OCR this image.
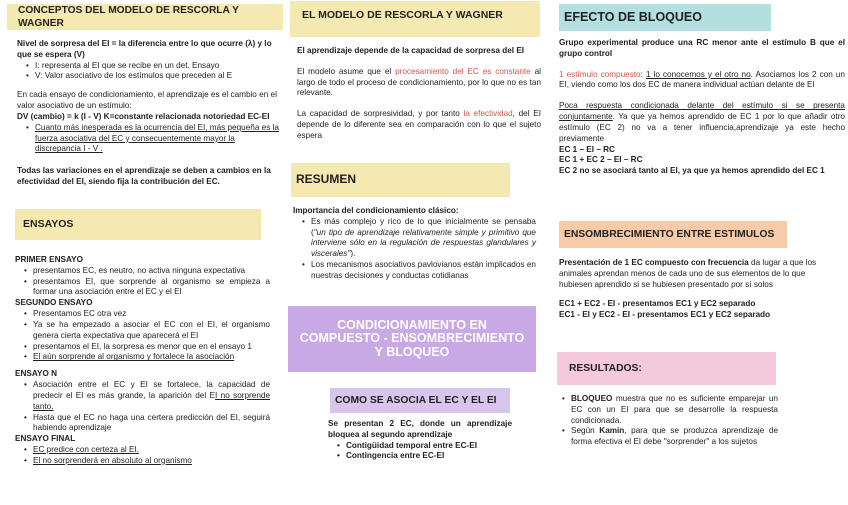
CONCEPTOS DEL MODELO DE RESCORLA Y WAGNER

Nivel de sorpresa del EI = la diferencia entre lo que ocurre (λ) y lo que se espera (V)

• I: representa al EI que se recibe en un det. Ensayo
• V: Valor asociativo de los estímulos que preceden al E

En cada ensayo de condicionamiento, el aprendizaje es el cambio en el valor asociativo de un estímulo:

DV (cambio) = k (I - V) K=constante relacionada notoriedad EC-EI

• Cuanto más inesperada es la ocurrencia del EI, más pequeña es la fuerza asociativa del EC y consecuentemente mayor la discrepancia I - V .

Todas las variaciones en el aprendizaje se deben a cambios en la efectividad del EI, siendo fija la contribución del EC.

ENSAYOS

PRIMER ENSAYO

• presentamos EC, es neutro, no activa ninguna expectativa
• presentamos EI, que sorprende al organismo se empieza a formar una asociación entre el EC y el EI

SEGUNDO ENSAYO

• Presentamos EC otra vez
• Ya se ha empezado a asociar el EC con el EI, el organismo genera cierta expectativa que aparecerá el EI
• presentamos el EI, la sorpresa es menor que en el ensayo 1
• El aún sorprende al organismo y fortalece la asociación

ENSAYO N

• Asociación entre el EC y EI se fortalece, la capacidad de predecir el EI es más grande, la aparición del EI no sorprende tanto.
• Hasta que el EC no haga una certera predicción del EI, seguirá habiendo aprendizaje

ENSAYO FINAL

• EC predice con certeza al EI.
• El no sorprenderá en absoluto al organismo
EL MODELO DE RESCORLA Y WAGNER

El aprendizaje depende de la capacidad de sorpresa del EI

El modelo asume que el procesamiento del EC es constante al largo de todo el proceso de condicionamiento, por lo que no es tan relevante.

La capacidad de sorpresividad, y por tanto la efectividad, del EI depende de lo diferente sea en comparación con lo que el sujeto espera

RESUMEN

Importancia del condicionamiento clásico:

• Es más complejo y rico de lo que inicialmente se pensaba ("un tipo de aprendizaje relativamente simple y primitivo que interviene sólo en la regulación de respuestas glandulares y viscerales").
• Los mecanismos asociativos pavlovianos están implicados en nuestras decisiones y conductas cotidianas
CONDICIONAMIENTO EN COMPUESTO - ENSOMBRECIMIENTO Y BLOQUEO
COMO SE ASOCIA EL EC Y EL EI

Se presentan 2 EC, donde un aprendizaje bloquea al segundo aprendizaje

• Contigüidad temporal entre EC-EI
• Contingencia entre EC-EI
EFECTO DE BLOQUEO

Grupo experimental produce una RC menor ante el estímulo B que el grupo control

1 estímulo compuesto: 1 lo conocemos y el otro no. Asociamos los 2 con un EI, viendo como los dos EC de manera individual actúan delante de EI

Poca respuesta condicionada delante del estímulo si se presenta conjuntamente. Ya que ya hemos aprendido de EC 1 por lo que añadir otro estímulo (EC 2) no va a tener influencia,aprendizaje ya este hecho previamente

EC 1 – EI – RC

EC 1 + EC 2 – EI – RC

EC 2 no se asociará tanto al EI, ya que ya hemos aprendido del EC 1

ENSOMBRECIMIENTO ENTRE ESTIMULOS

Presentación de 1 EC compuesto con frecuencia da lugar a que los animales aprendan menos de cada uno de sus elementos de lo que hubiesen aprendido si se hubiesen presentado por sí solos

EC1 + EC2 - EI - presentamos EC1 y EC2 separado

EC1 - EI y EC2 - EI - presentamos EC1 y EC2 separado

RESULTADOS:
• BLOQUEO muestra que no es suficiente emparejar un EC con un EI para que se desarrolle la respuesta condicionada.
• Según Kamin, para que se produzca aprendizaje de forma efectiva el EI debe "sorprender" a los sujetos
